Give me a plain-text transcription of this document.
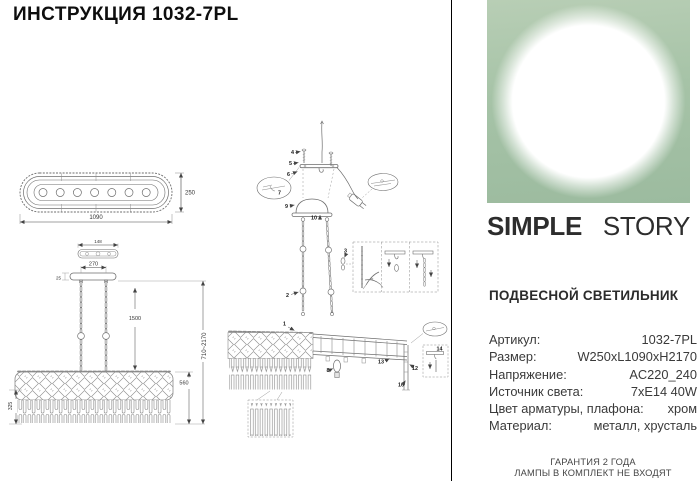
ИНСТРУКЦИЯ 1032-7PL
1090
250
148
270
25
1500
325
560
710~2170
4
5
6
7
9
10
2
3
1
8
13
12
16
14
SIMPLE STORY
ПОДВЕСНОЙ СВЕТИЛЬНИК
Артикул:	1032-7PL
Размер:	W250xL1090xH2170
Напряжение:	AC220_240
Источник света:	7xE14 40W
Цвет арматуры, плафона: хром
Материал:	металл, хрусталь
ГАРАНТИЯ 2 ГОДА
ЛАМПЫ В КОМПЛЕКТ НЕ ВХОДЯТ
